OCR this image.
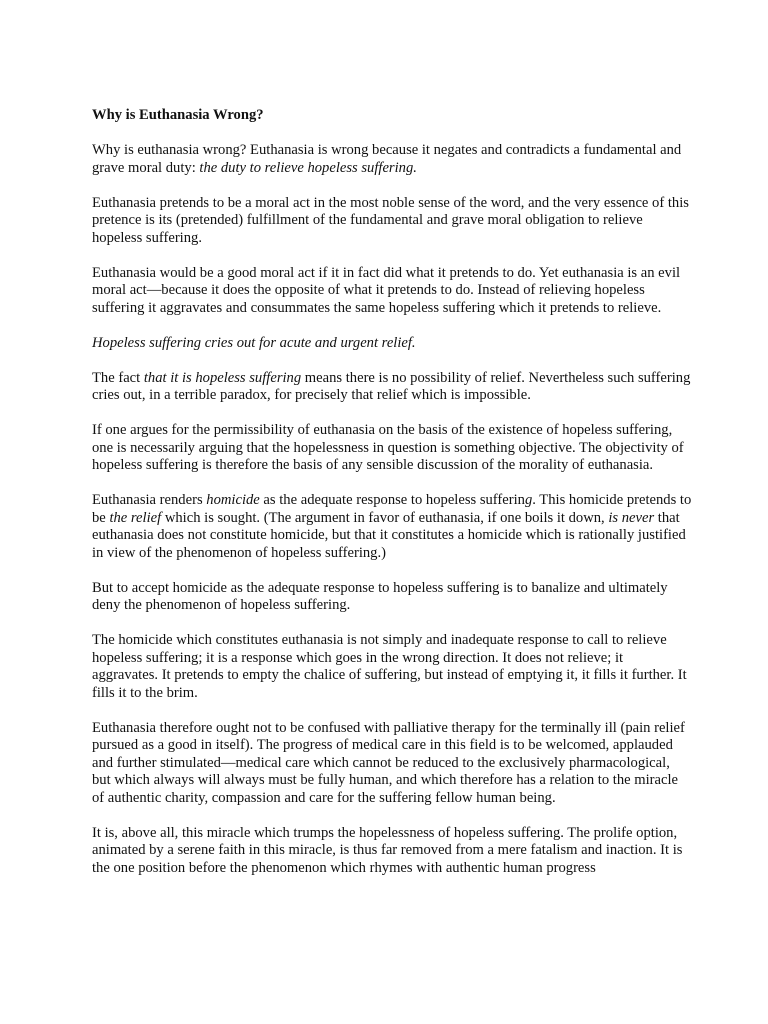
Why is Euthanasia Wrong?

Why is euthanasia wrong? Euthanasia is wrong because it negates and contradicts a fundamental and grave moral duty: the duty to relieve hopeless suffering.

Euthanasia pretends to be a moral act in the most noble sense of the word, and the very essence of this pretence is its (pretended) fulfillment of the fundamental and grave moral obligation to relieve hopeless suffering.

Euthanasia would be a good moral act if it in fact did what it pretends to do. Yet euthanasia is an evil moral act—because it does the opposite of what it pretends to do. Instead of relieving hopeless suffering it aggravates and consummates the same hopeless suffering which it pretends to relieve.

Hopeless suffering cries out for acute and urgent relief.

The fact that it is hopeless suffering means there is no possibility of relief. Nevertheless such suffering cries out, in a terrible paradox, for precisely that relief which is impossible.

If one argues for the permissibility of euthanasia on the basis of the existence of hopeless suffering, one is necessarily arguing that the hopelessness in question is something objective. The objectivity of hopeless suffering is therefore the basis of any sensible discussion of the morality of euthanasia.

Euthanasia renders homicide as the adequate response to hopeless suffering. This homicide pretends to be the relief which is sought. (The argument in favor of euthanasia, if one boils it down, is never that euthanasia does not constitute homicide, but that it constitutes a homicide which is rationally justified in view of the phenomenon of hopeless suffering.)

But to accept homicide as the adequate response to hopeless suffering is to banalize and ultimately deny the phenomenon of hopeless suffering.

The homicide which constitutes euthanasia is not simply and inadequate response to call to relieve hopeless suffering; it is a response which goes in the wrong direction. It does not relieve; it aggravates. It pretends to empty the chalice of suffering, but instead of emptying it, it fills it further. It fills it to the brim.

Euthanasia therefore ought not to be confused with palliative therapy for the terminally ill (pain relief pursued as a good in itself). The progress of medical care in this field is to be welcomed, applauded and further stimulated—medical care which cannot be reduced to the exclusively pharmacological, but which always will always must be fully human, and which therefore has a relation to the miracle of authentic charity, compassion and care for the suffering fellow human being.

It is, above all, this miracle which trumps the hopelessness of hopeless suffering. The prolife option, animated by a serene faith in this miracle, is thus far removed from a mere fatalism and inaction. It is the one position before the phenomenon which rhymes with authentic human progress
